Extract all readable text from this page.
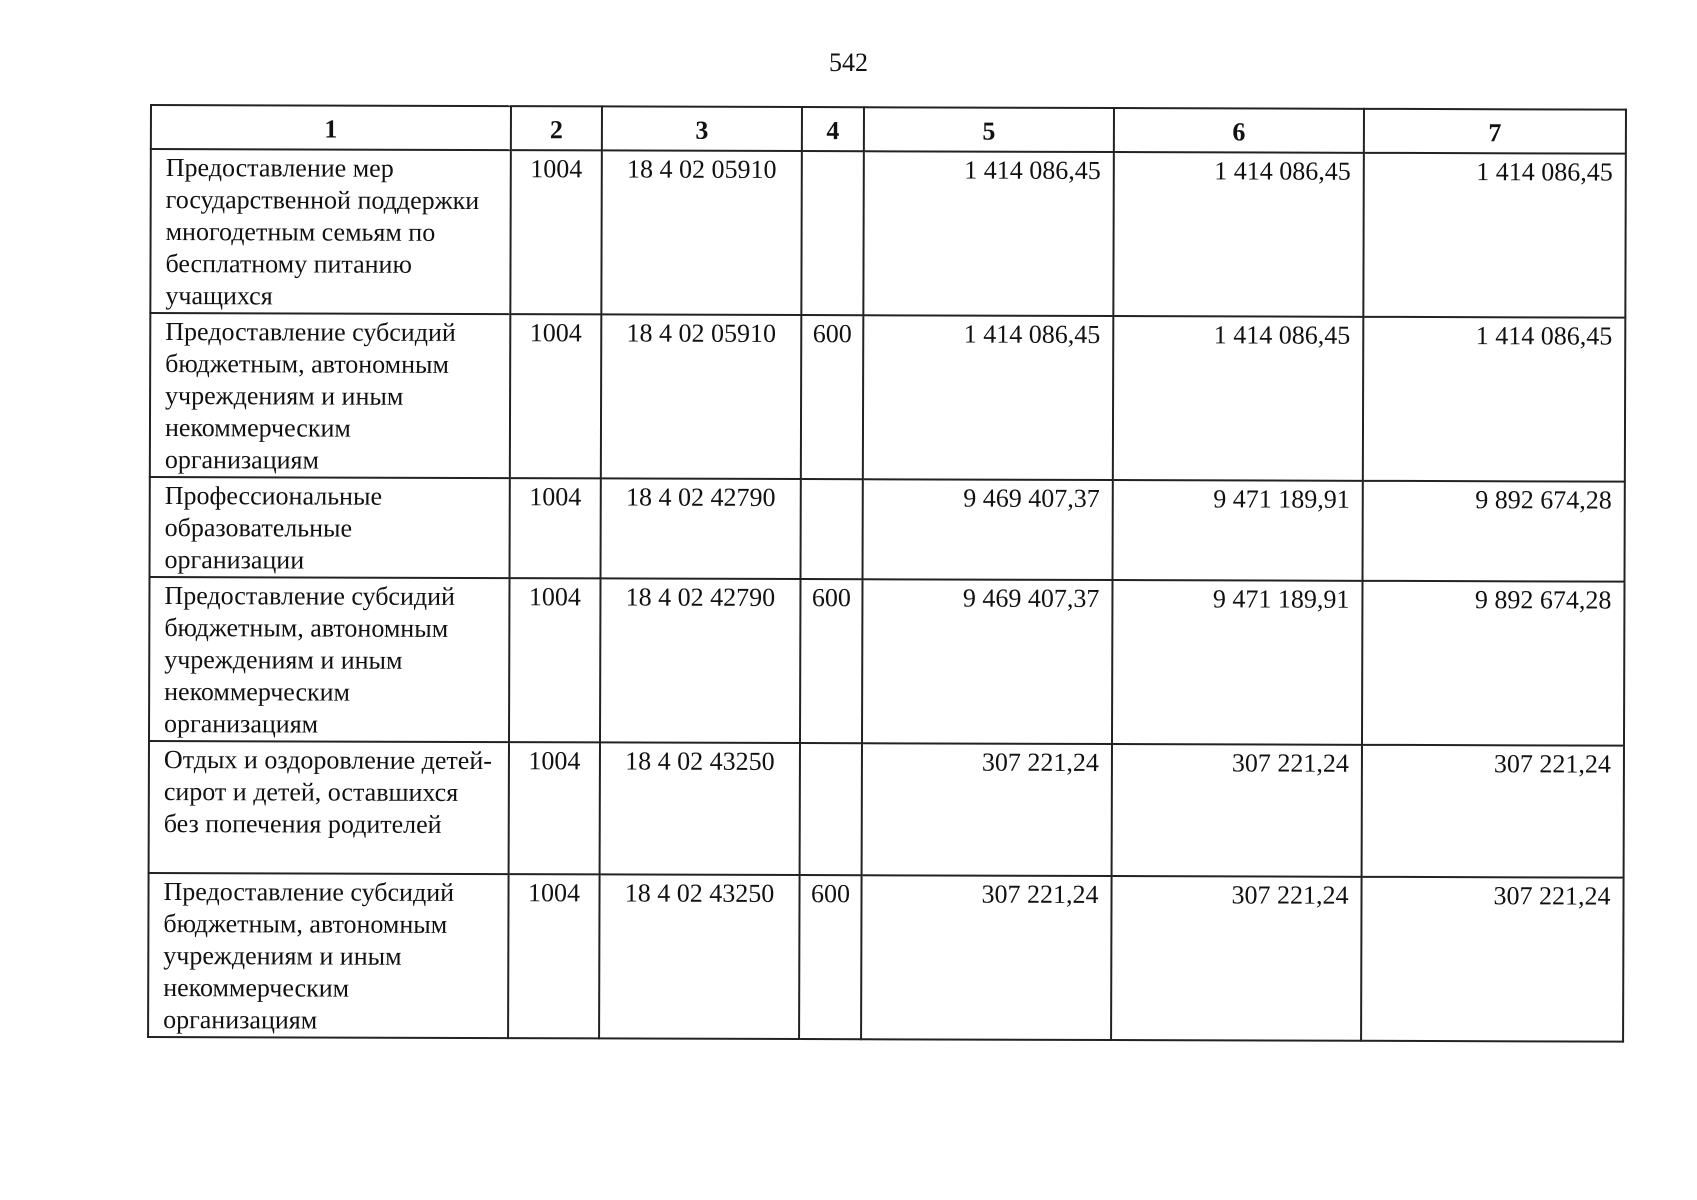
542
1	2	3	4	5	6	7
Предоставление мер государственной поддержки многодетным семьям по бесплатному питанию учащихся	1004	18 4 02 05910		1 414 086,45	1 414 086,45	1 414 086,45
Предоставление субсидий бюджетным, автономным учреждениям и иным некоммерческим организациям	1004	18 4 02 05910	600	1 414 086,45	1 414 086,45	1 414 086,45
Профессиональные образовательные организации	1004	18 4 02 42790		9 469 407,37	9 471 189,91	9 892 674,28
Предоставление субсидий бюджетным, автономным учреждениям и иным некоммерческим организациям	1004	18 4 02 42790	600	9 469 407,37	9 471 189,91	9 892 674,28
Отдых и оздоровление детей-сирот и детей, оставшихся без попечения родителей	1004	18 4 02 43250		307 221,24	307 221,24	307 221,24
Предоставление субсидий бюджетным, автономным учреждениям и иным некоммерческим организациям	1004	18 4 02 43250	600	307 221,24	307 221,24	307 221,24
